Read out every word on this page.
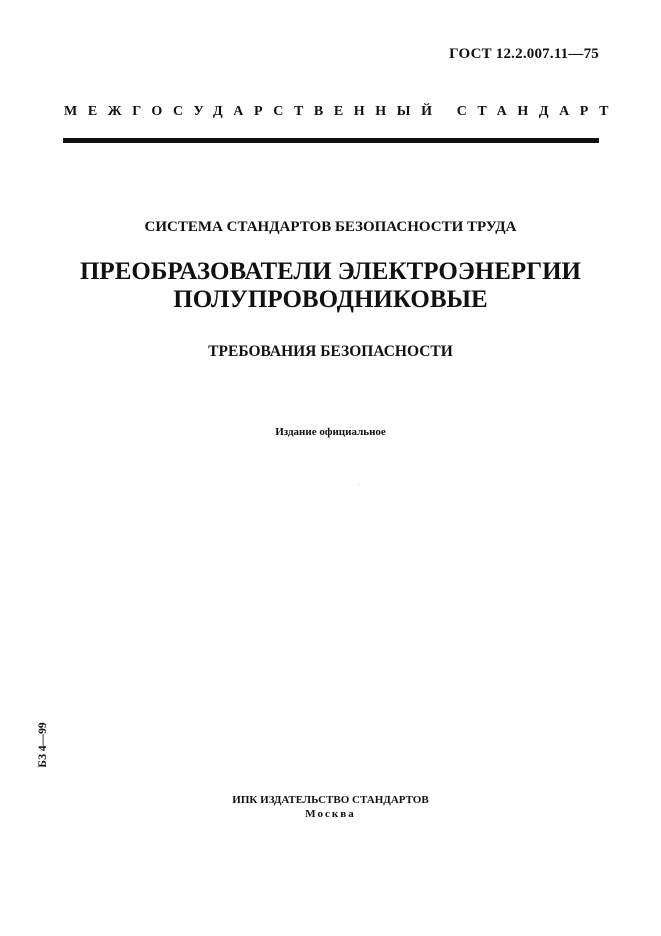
ГОСТ 12.2.007.11—75
МЕЖГОСУДАРСТВЕННЫЙ СТАНДАРТ
СИСТЕМА СТАНДАРТОВ БЕЗОПАСНОСТИ ТРУДА
ПРЕОБРАЗОВАТЕЛИ ЭЛЕКТРОЭНЕРГИИ
ПОЛУПРОВОДНИКОВЫЕ
ТРЕБОВАНИЯ БЕЗОПАСНОСТИ
Издание официальное
БЗ 4—99
ИПК ИЗДАТЕЛЬСТВО СТАНДАРТОВ
Москва
